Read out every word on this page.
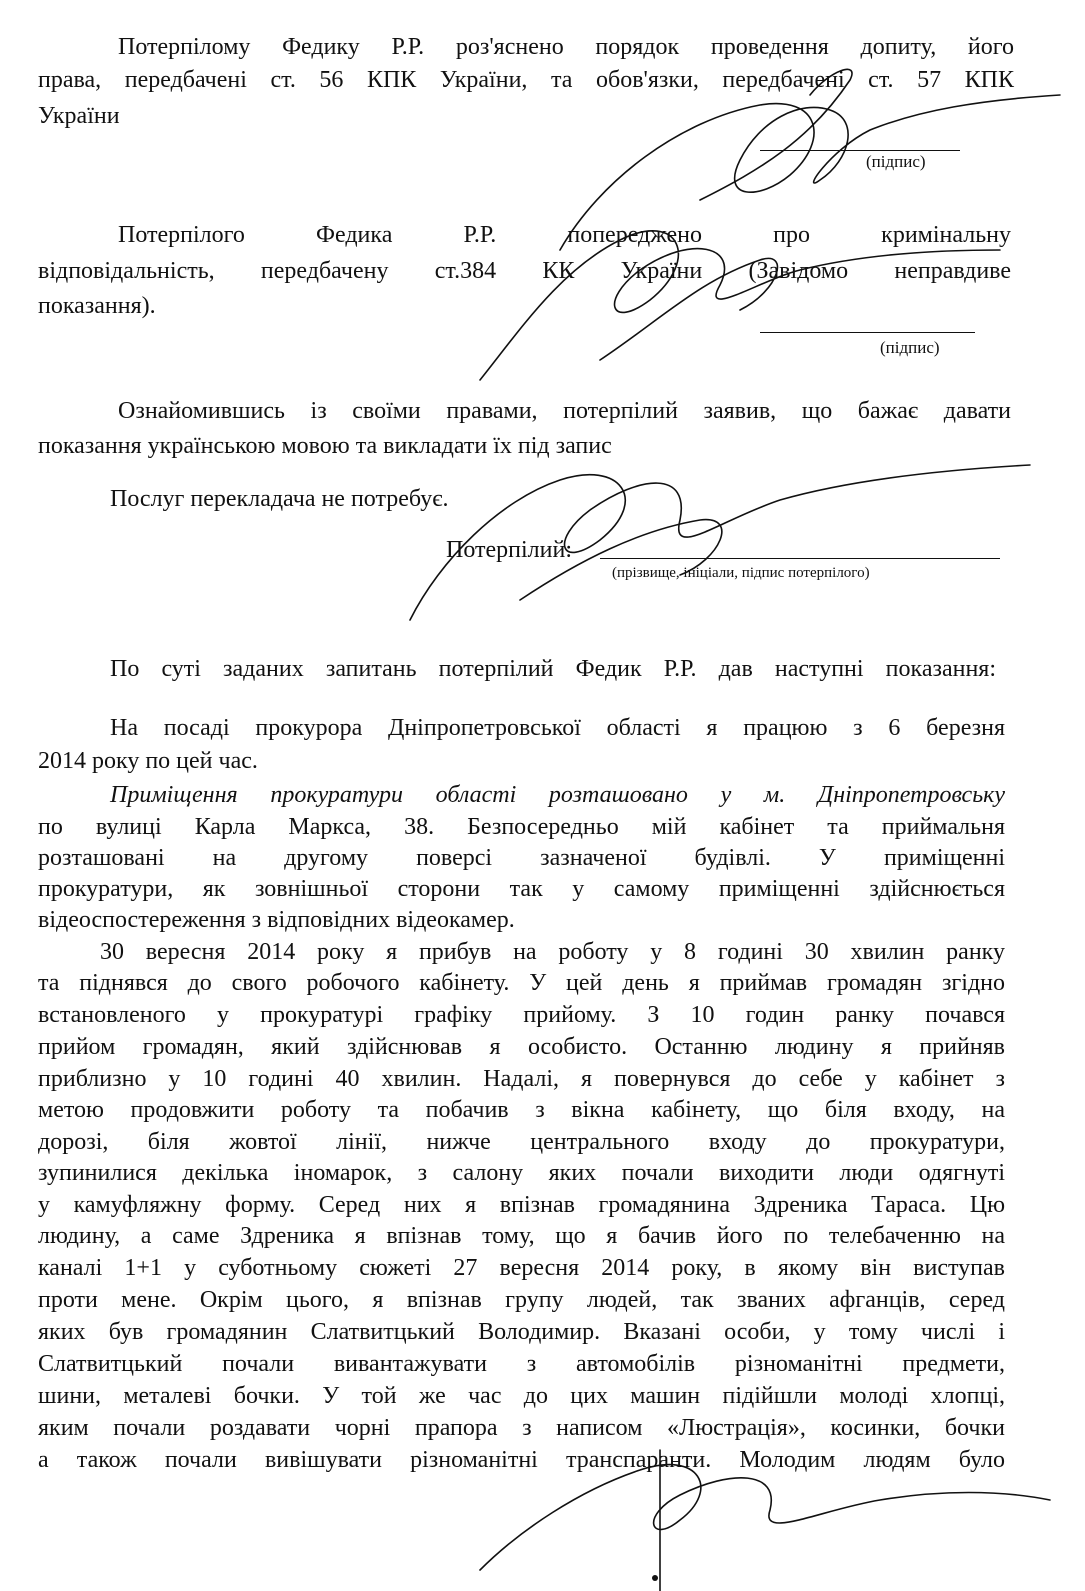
Потерпілому Федику Р.Р. роз'яснено порядок проведення допиту, його
права, передбачені ст. 56 КПК України, та обов'язки, передбачені ст. 57 КПК
України
(підпис)
Потерпілого Федика Р.Р. попереджено про кримінальну
відповідальність, передбачену ст.384 КК України (Завідомо неправдиве
показання).
(підпис)
Ознайомившись із своїми правами, потерпілий заявив, що бажає давати
показання українською мовою та викладати їх під запис
Послуг перекладача не потребує.
Потерпілий:
(прізвище, ініціали, підпис потерпілого)
По суті заданих запитань потерпілий Федик Р.Р. дав наступні показання:
На посаді прокурора Дніпропетровської області я працюю з 6 березня
2014 року по цей час.
Приміщення прокуратури області розташовано у м. Дніпропетровську
по вулиці Карла Маркса, 38. Безпосередньо мій кабінет та приймальня
розташовані на другому поверсі зазначеної будівлі. У приміщенні
прокуратури, як зовнішньої сторони так у самому приміщенні здійснюється
відеоспостереження з відповідних відеокамер.
30 вересня 2014 року я прибув на роботу у 8 годині 30 хвилин ранку
та піднявся до свого робочого кабінету. У цей день я приймав громадян згідно
встановленого у прокуратурі графіку прийому. З 10 годин ранку почався
прийом громадян, який здійснював я особисто. Останню людину я прийняв
приблизно у 10 годині 40 хвилин. Надалі, я повернувся до себе у кабінет з
метою продовжити роботу та побачив з вікна кабінету, що біля входу, на
дорозі, біля жовтої лінії, нижче центрального входу до прокуратури,
зупинилися декілька іномарок, з салону яких почали виходити люди одягнуті
у камуфляжну форму. Серед них я впізнав громадянина Здреника Тараса. Цю
людину, а саме Здреника я впізнав тому, що я бачив його по телебаченню на
каналі 1+1 у суботньому сюжеті 27 вересня 2014 року, в якому він виступав
проти мене. Окрім цього, я впізнав групу людей, так званих афганців, серед
яких був громадянин Слатвитцький Володимир. Вказані особи, у тому числі і
Слатвитцький почали вивантажувати з автомобілів різноманітні предмети,
шини, металеві бочки. У той же час до цих машин підійшли молоді хлопці,
яким почали роздавати чорні прапора з написом «Люстрація», косинки, бочки
а також почали вивішувати різноманітні транспаранти. Молодим людям було
